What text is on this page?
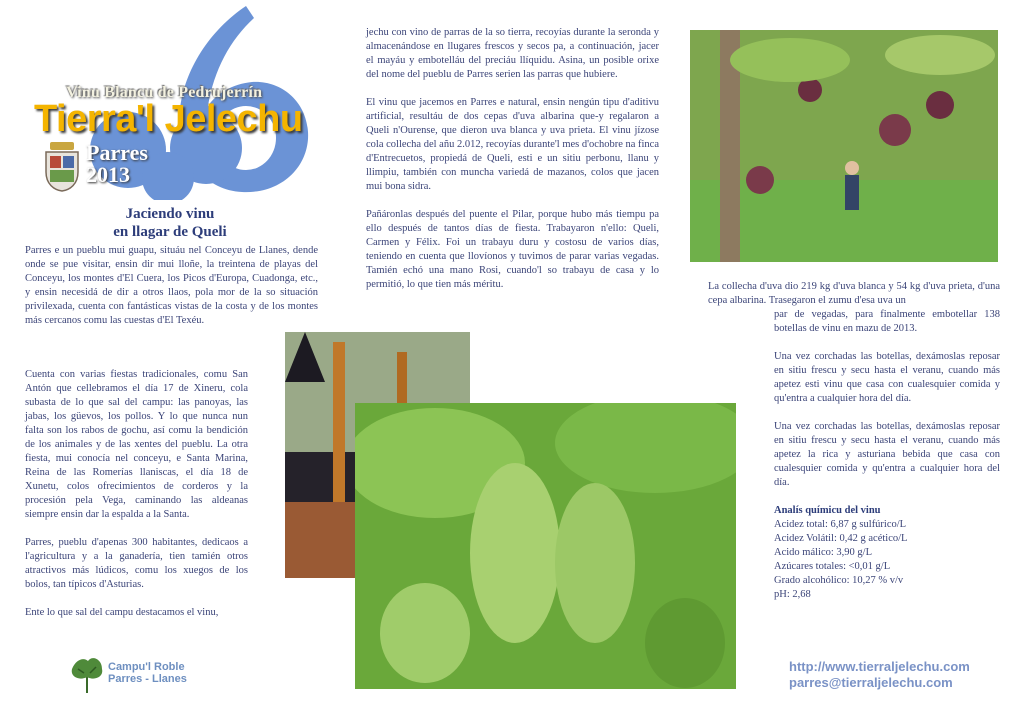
Vinu Blancu de Pedrujerrín
Tierra'l Jelechu
Parres
2013
Jaciendo vinu
en llagar de Queli

Parres e un pueblu mui guapu, situáu nel Conceyu de Llanes, dende onde se pue visitar, ensin dir mui lloñe, la treintena de playas del Conceyu, los montes d'El Cuera, los Picos d'Europa, Cuadonga, etc., y ensin necesidá de dir a otros llaos, pola mor de la so situación privilexada, cuenta con fantásticas vistas de la costa y de los montes más cercanos comu las cuestas d'El Texéu.

Cuenta con varias fiestas tradicionales, comu San Antón que cellebramos el día 17 de Xineru, cola subasta de lo que sal del campu: las panoyas, las jabas, los güevos, los pollos. Y lo que nunca nun falta son los rabos de gochu, así comu la bendición de los animales y de las xentes del pueblu. La otra fiesta, mui conocía nel conceyu, e Santa Marina, Reina de las Romerías llaniscas, el día 18 de Xunetu, colos ofrecimientos de corderos y la procesión pela Vega, caminando las aldeanas siempre ensin dar la espalda a la Santa.

Parres, pueblu d'apenas 300 habitantes, dedicaos a l'agricultura y a la ganadería, tien tamién otros atractivos más lúdicos, comu los xuegos de los bolos, tan típicos d'Asturias.

Ente lo que sal del campu destacamos el vinu,

jechu con vino de parras de la so tierra, recoyías durante la seronda y almacenándose en llugares frescos y secos pa, a continuación, jacer el mayáu y embotelláu del preciáu llíquidu. Asina, un posible orixe del nome del pueblu de Parres serien las parras que hubiere.

El vinu que jacemos en Parres e natural, ensin nengún tipu d'aditivu artificial, resultáu de dos cepas d'uva albarina que-y regalaron a Queli n'Ourense, que dieron uva blanca y uva prieta. El vinu jízose cola collecha del añu 2.012, recoyías durante'l mes d'ochobre na finca d'Entrecuetos, propiedá de Queli, esti e un sitiu perbonu, llanu y llimpiu, también con muncha variedá de mazanos, colos que jacen mui bona sidra.

Pañáronlas después del puente el Pilar, porque hubo más tiempu pa ello después de tantos días de fiesta. Trabayaron n'ello: Queli, Carmen y Félix. Foi un trabayu duru y costosu de varios días, teniendo en cuenta que llovíonos y tuvimos de parar varias vegadas. Tamién echó una mano Rosi, cuando'l so trabayu de casa y lo permitió, lo que tien más méritu.	La collecha d'uva dio 219 kg d'uva blanca y 54 kg d'uva prieta, d'una cepa albarina. Trasegaron el zumu d'esa uva un

par de vegadas, para finalmente embotellar 138 botellas de vinu en mazu de 2013.

Una vez corchadas las botellas, dexámoslas reposar en sitiu frescu y secu hasta el veranu, cuando más apetez esti vinu que casa con cualesquier comida y qu'entra a cualquier hora del día.

Una vez corchadas las botellas, dexámoslas reposar en sitiu frescu y secu hasta el veranu, cuando más apetez la rica y asturiana bebida que casa con cualesquier comida y qu'entra a cualquier hora del día.

Analís químicu del vinu
Acidez total: 6,87 g sulfúrico/L
Acidez Volátil: 0,42 g acético/L
Acido málico: 3,90 g/L
Azúcares totales: <0,01 g/L
Grado alcohólico: 10,27 % v/v
pH: 2,68
Campu'l Roble
Parres - Llanes
http://www.tierraljelechu.com
parres@tierraljelechu.com
